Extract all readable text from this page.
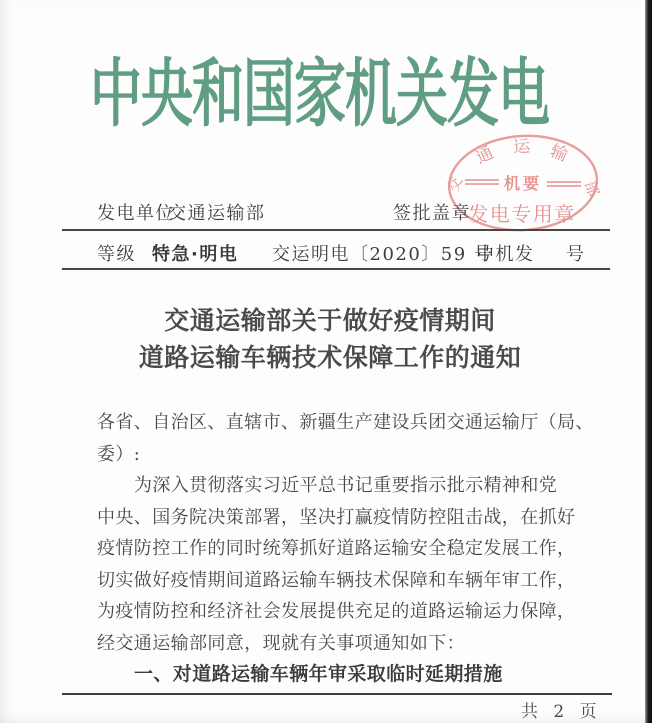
中央和国家机关发电
通 运 输
交	部
机要
发电专用章
发电单位
交通运输部	签批盖章
等级 特急·明电 交运明电〔2020〕59 号
中机发 号
交通运输部关于做好疫情期间
道路运输车辆技术保障工作的通知
各省、自治区、直辖市、新疆生产建设兵团交通运输厅（局、
委）:
为深入贯彻落实习近平总书记重要指示批示精神和党
中央、国务院决策部署，坚决打赢疫情防控阻击战，在抓好
疫情防控工作的同时统筹抓好道路运输安全稳定发展工作，
切实做好疫情期间道路运输车辆技术保障和车辆年审工作，
为疫情防控和经济社会发展提供充足的道路运输运力保障，
经交通运输部同意，现就有关事项通知如下：
一、对道路运输车辆年审采取临时延期措施
共 2 页
